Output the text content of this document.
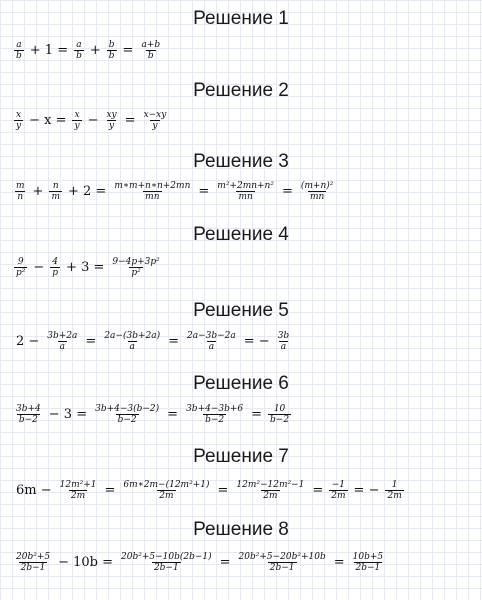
Решение 1
$\frac{a}{b} + 1 = \frac{a}{b} + \frac{b}{b} = \frac{a+b}{b}$
Решение 2
$\frac{x}{y} - x = \frac{x}{y} - \frac{xy}{y} = \frac{x-xy}{y}$
Решение 3
$\frac{m}{n} + \frac{n}{m} + 2 = \frac{m∗m+n∗n+2mn}{mn} = \frac{\text{m²+2mn+n²}}{mn} = \frac{\text{(m+n)²}}{mn}$
Решение 4
$\frac{9}{\text{p²}} - \frac{4}{p} + 3 = \frac{\text{9−4p+3p²}}{\text{p²}}$
Решение 5
$2 - \frac{3b+2a}{a} = \frac{2a-(3b+2a)}{a} = \frac{2a-3b-2a}{a}$ = − $\frac{3b}{a}$
Решение 6
$\frac{3b+4}{b-2} - 3 = \frac{3b+4-3(b-2)}{b-2} = \frac{3b+4-3b+6}{b-2} = \frac{10}{b-2}$
Решение 7
$6m - \frac{\text{12m²+1}}{2m} = \frac{\text{6m∗2m−(12m²+1)}}{2m} = \frac{\text{12m²−12m²−1}}{2m} = \frac{-1}{2m}$ = − $\frac{1}{2m}$
Решение 8
$\frac{\text{20b²+5}}{2b-1} - 10b = \frac{\text{20b²+5−10b(2b−1)}}{2b-1} = \frac{\text{20b²+5−20b²+10b}}{2b-1} = \frac{10b+5}{2b-1}$
